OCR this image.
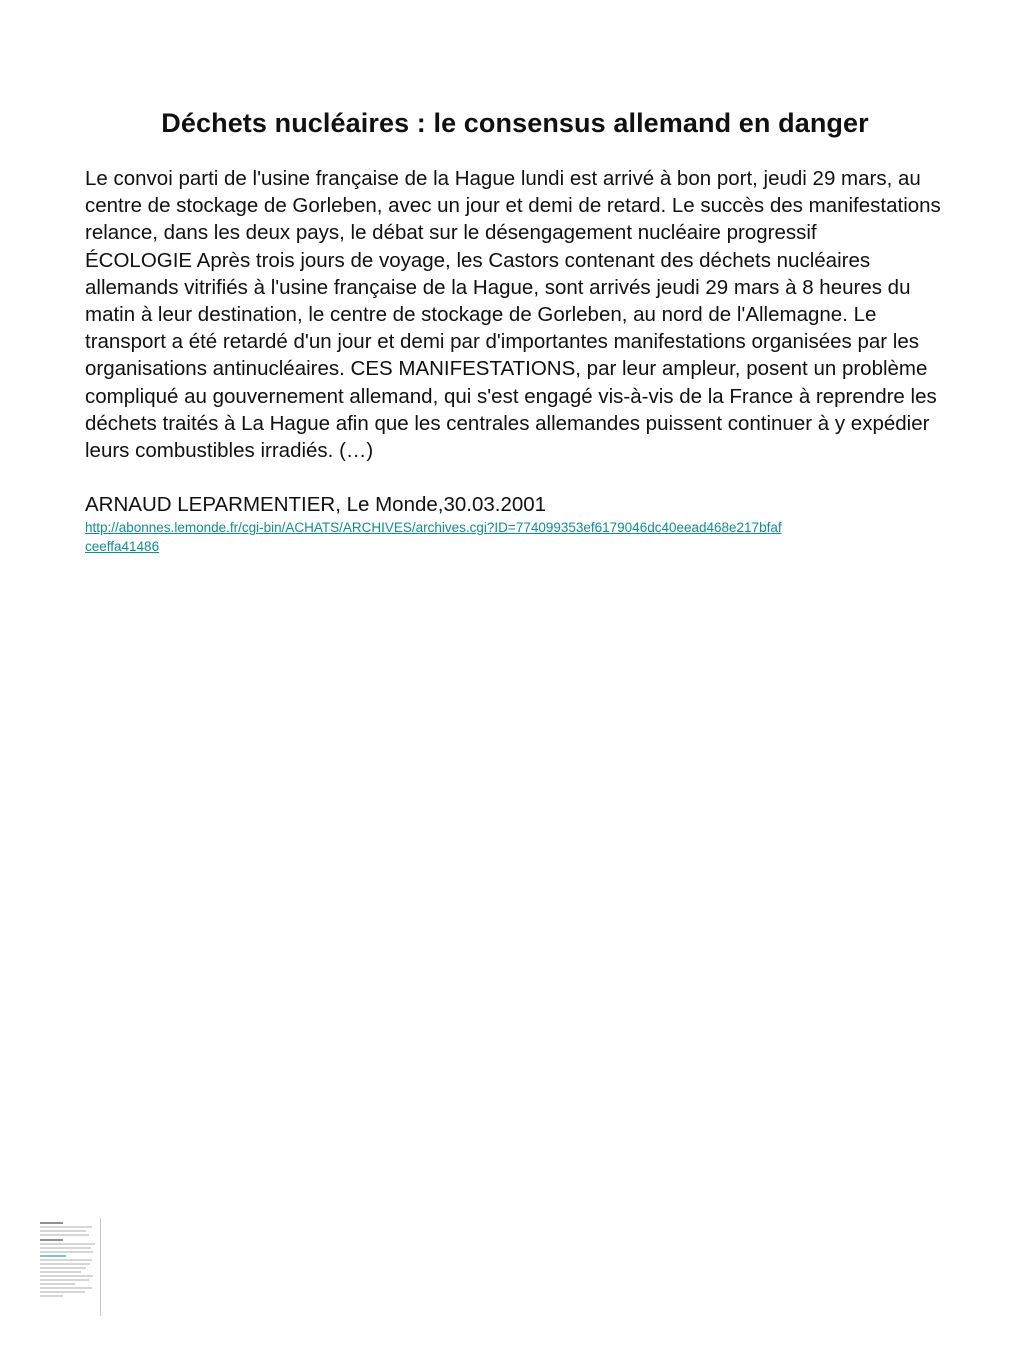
Déchets nucléaires : le consensus allemand en danger

Le convoi parti de l'usine française de la Hague lundi est arrivé à bon port, jeudi 29 mars, au centre de stockage de Gorleben, avec un jour et demi de retard. Le succès des manifestations relance, dans les deux pays, le débat sur le désengagement nucléaire progressif

ÉCOLOGIE Après trois jours de voyage, les Castors contenant des déchets nucléaires allemands vitrifiés à l'usine française de la Hague, sont arrivés jeudi 29 mars à 8 heures du matin à leur destination, le centre de stockage de Gorleben, au nord de l'Allemagne. Le transport a été retardé d'un jour et demi par d'importantes manifestations organisées par les organisations antinucléaires. CES MANIFESTATIONS, par leur ampleur, posent un problème compliqué au gouvernement allemand, qui s'est engagé vis-à-vis de la France à reprendre les déchets traités à La Hague afin que les centrales allemandes puissent continuer à y expédier leurs combustibles irradiés. (…)

ARNAUD LEPARMENTIER, Le Monde,30.03.2001

http://abonnes.lemonde.fr/cgi-bin/ACHATS/ARCHIVES/archives.cgi?ID=774099353ef6179046dc40eead468e217bfafceeffa41486
